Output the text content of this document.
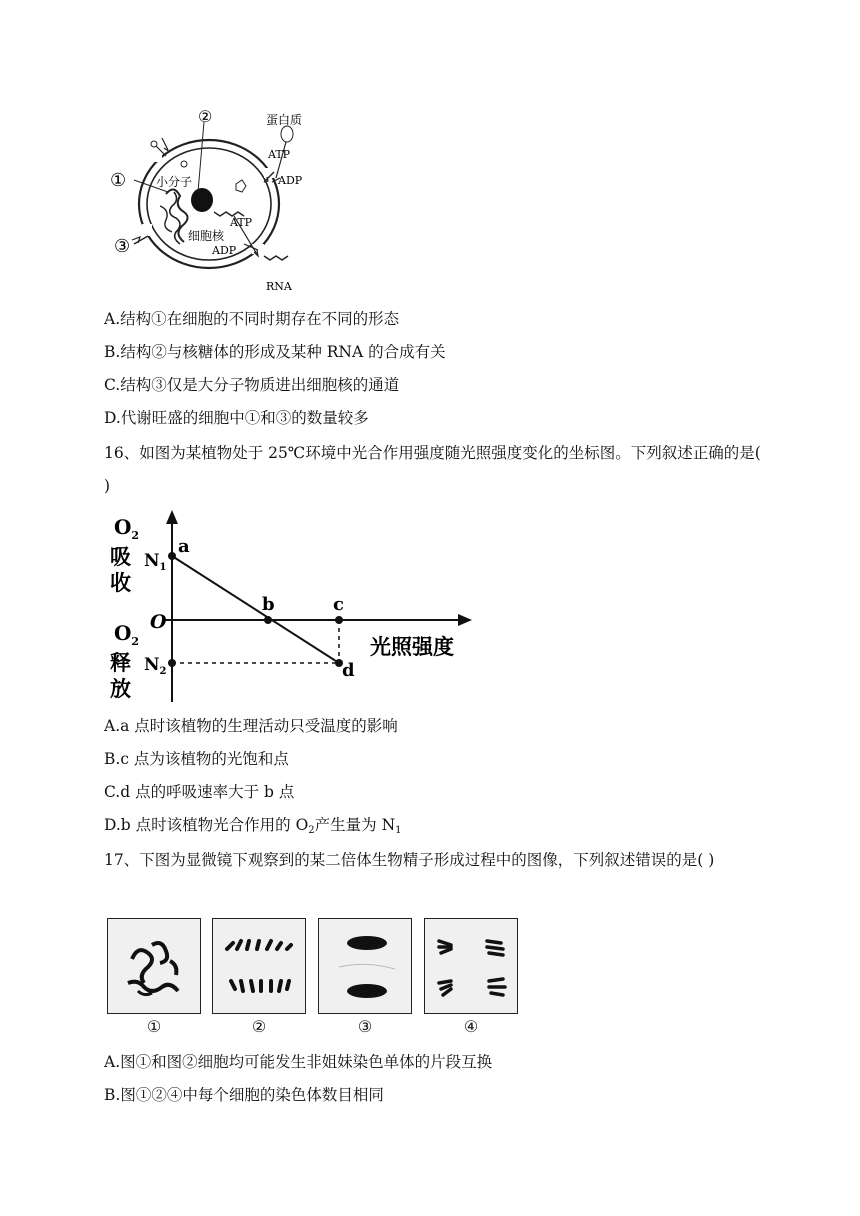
①
②
③
小分子
蛋白质
ATP
ADP
ATP
ADP
细胞核
RNA
A.结构①在细胞的不同时期存在不同的形态
B.结构②与核糖体的形成及某种 RNA 的合成有关
C.结构③仅是大分子物质进出细胞核的通道
D.代谢旺盛的细胞中①和③的数量较多
16、如图为某植物处于 25℃环境中光合作用强度随光照强度变化的坐标图。下列叙述正确的是( )
$O_2$
吸
收
$N_1$
O
$O_2$
释
放
$N_2$
a
b	c
d
光照强度
A.a 点时该植物的生理活动只受温度的影响
B.c 点为该植物的光饱和点
C.d 点的呼吸速率大于 b 点
D.b 点时该植物光合作用的 $O_2$产生量为 $N_1$
17、下图为显微镜下观察到的某二倍体生物精子形成过程中的图像，下列叙述错误的是( )
①	②	③	④
A.图①和图②细胞均可能发生非姐妹染色单体的片段互换
B.图①②④中每个细胞的染色体数目相同
